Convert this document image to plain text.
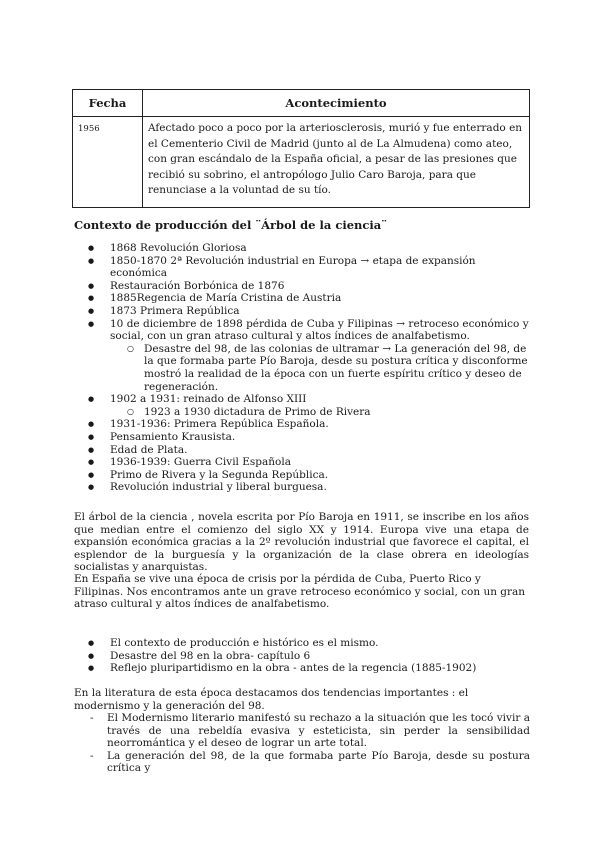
Fecha	Acontecimiento
1956	Afectado poco a poco por la arteriosclerosis, murió y fue enterrado en el Cementerio Civil de Madrid (junto al de La Almudena) como ateo, con gran escándalo de la España oficial, a pesar de las presiones que recibió su sobrino, el antropólogo Julio Caro Baroja, para que renunciase a la voluntad de su tío.
Contexto de producción del ¨Árbol de la ciencia¨
● 1868 Revolución Gloriosa
● 1850-1870 2ª Revolución industrial en Europa → etapa de expansión económica
● Restauración Borbónica de 1876
● 1885Regencia de María Cristina de Austria
● 1873 Primera República
● 10 de diciembre de 1898 pérdida de Cuba y Filipinas → retroceso económico y social, con un gran atraso cultural y altos índices de analfabetismo.
○ Desastre del 98, de las colonias de ultramar → La generación del 98, de la que formaba parte Pío Baroja, desde su postura crítica y disconforme mostró la realidad de la época con un fuerte espíritu crítico y deseo de regeneración.
● 1902 a 1931: reinado de Alfonso XIII
○ 1923 a 1930 dictadura de Primo de Rivera
● 1931-1936: Primera República Española.
● Pensamiento Krausista.
● Edad de Plata.
● 1936-1939: Guerra Civil Española
● Primo de Rivera y la Segunda República.
● Revolución industrial y liberal burguesa.

El árbol de la ciencia , novela escrita por Pío Baroja en 1911, se inscribe en los años que median entre el comienzo del siglo XX y 1914. Europa vive una etapa de expansión económica gracias a la 2º revolución industrial que favorece el capital, el esplendor de la burguesía y la organización de la clase obrera en ideologías socialistas y anarquistas.

En España se vive una época de crisis por la pérdida de Cuba, Puerto Rico y Filipinas. Nos encontramos ante un grave retroceso económico y social, con un gran atraso cultural y altos índices de analfabetismo.

● El contexto de producción e histórico es el mismo.
● Desastre del 98 en la obra- capítulo 6
● Reflejo pluripartidismo en la obra - antes de la regencia (1885-1902)

En la literatura de esta época destacamos dos tendencias importantes : el modernismo y la generación del 98.

- El Modernismo literario manifestó su rechazo a la situación que les tocó vivir a través de una rebeldía evasiva y esteticista, sin perder la sensibilidad neorromántica y el deseo de lograr un arte total.
- La generación del 98, de la que formaba parte Pío Baroja, desde su postura crítica y
